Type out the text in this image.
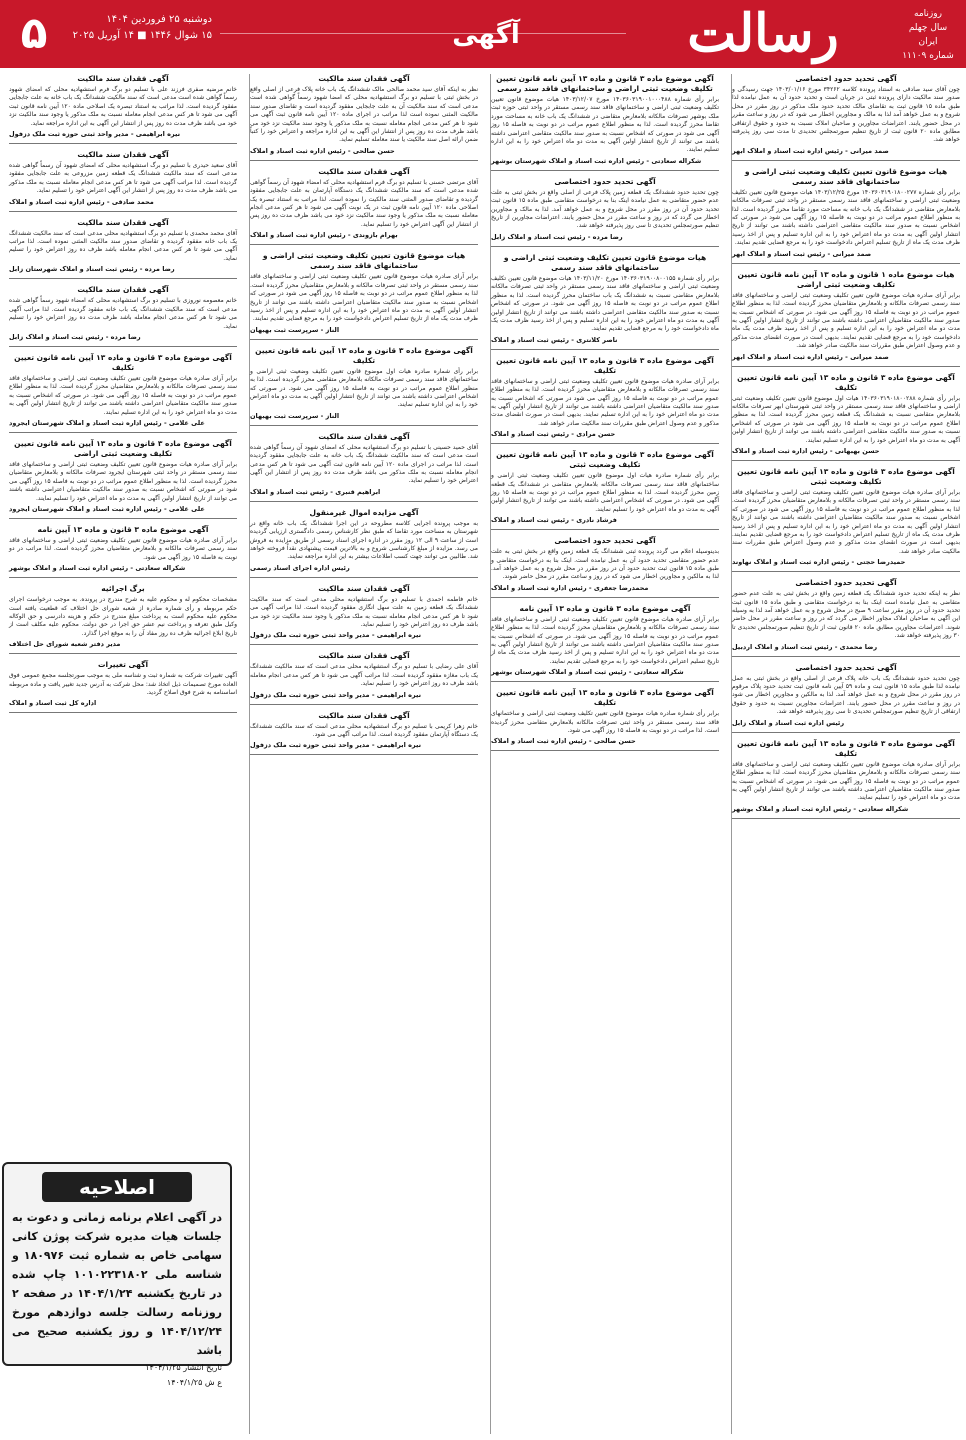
روزنامه
سال چهلم
ایران
شماره ۱۱۱۰۹
رسالت
آگهی
دوشنبه ۲۵ فروردین ۱۴۰۴
۱۵ شوال ۱۴۴۶ ■ ۱۴ آوریل ۲۰۲۵
۵
آگهی تحدید حدود اختصاصی
چون آقای سید صادقی به استناد پرونده کلاسه ۳۴۲۶۲ مورخ ۱۴۰۳/۰۱/۱۶ جهت رسیدگی و صدور سند مالکیت دارای پرونده ثبتی در جریان است و تحدید حدود آن به عمل نیامده لذا طبق ماده ۱۵ قانون ثبت به تقاضای مالک تحدید حدود ملک مذکور در روز مقرر در محل شروع و به عمل خواهد آمد لذا به مالک و مجاورین اخطار می شود که در روز و ساعت مقرر در محل حضور یابند. اعتراضات مجاورین و صاحبان املاک نسبت به حدود و حقوق ارتفاقی مطابق ماده ۲۰ قانون ثبت از تاریخ تنظیم صورتمجلس تحدیدی تا مدت سی روز پذیرفته خواهد شد.
صمد میرانی - رئیس اداره ثبت اسناد و املاک ابهر
هیات موضوع قانون تعیین تکلیف وضعیت ثبتی اراضی و ساختمانهای فاقد سند رسمی
برابر رأی شماره ۱۴۰۳۶۰۳۱۹۰۱۸۰۰۲۷۷ مورخ ۱۴۰۳/۱۲/۲۵ هیات موضوع قانون تعیین تکلیف وضعیت ثبتی اراضی و ساختمانهای فاقد سند رسمی مستقر در واحد ثبتی تصرفات مالکانه بلامعارض متقاضی در ششدانگ یک باب خانه به مساحت مورد تقاضا محرز گردیده است. لذا به منظور اطلاع عموم مراتب در دو نوبت به فاصله ۱۵ روز آگهی می شود در صورتی که اشخاص نسبت به صدور سند مالکیت متقاضی اعتراضی داشته باشند می توانند از تاریخ انتشار اولین آگهی به مدت دو ماه اعتراض خود را به این اداره تسلیم و پس از اخذ رسید ظرف مدت یک ماه از تاریخ تسلیم اعتراض دادخواست خود را به مرجع قضایی تقدیم نمایند.
صمد میرانی - رئیس ثبت اسناد و املاک ابهر
هیات موضوع ماده ۱ قانون و ماده ۱۳ آیین نامه قانون تعیین تکلیف وضعیت ثبتی اراضی
برابر آرای صادره هیات موضوع قانون تعیین تکلیف وضعیت ثبتی اراضی و ساختمانهای فاقد سند رسمی تصرفات مالکانه و بلامعارض متقاضیان محرز گردیده است. لذا به منظور اطلاع عموم مراتب در دو نوبت به فاصله ۱۵ روز آگهی می شود. در صورتی که اشخاص نسبت به صدور سند مالکیت متقاضیان اعتراضی داشته باشند می توانند از تاریخ انتشار اولین آگهی به مدت دو ماه اعتراض خود را به این اداره تسلیم و پس از اخذ رسید ظرف مدت یک ماه دادخواست خود را به مرجع قضایی تقدیم نمایند. بدیهی است در صورت انقضای مدت مذکور و عدم وصول اعتراض طبق مقررات سند مالکیت صادر خواهد شد.
صمد میرانی - رئیس اداره ثبت اسناد و املاک ابهر
آگهی موضوع ماده ۳ قانون و ماده ۱۳ آیین نامه قانون تعیین تکلیف
برابر رأی شماره ۱۴۰۳۶۰۳۱۹۰۱۸۰۰۲۸۸ هیات اول موضوع قانون تعیین تکلیف وضعیت ثبتی اراضی و ساختمانهای فاقد سند رسمی مستقر در واحد ثبتی شهرستان ابهر تصرفات مالکانه بلامعارض متقاضی نسبت به ششدانگ یک قطعه زمین محرز گردیده است. لذا به منظور اطلاع عموم مراتب در دو نوبت به فاصله ۱۵ روز آگهی می شود در صورتی که اشخاص نسبت به صدور سند مالکیت متقاضی اعتراضی داشته باشند می توانند از تاریخ انتشار اولین آگهی به مدت دو ماه اعتراض خود را به این اداره تسلیم نمایند.
حسن بهبهانی - رئیس اداره ثبت اسناد و املاک
آگهی موضوع ماده ۳ قانون و ماده ۱۳ آیین نامه قانون تعیین تکلیف وضعیت ثبتی
برابر آرای صادره هیات موضوع قانون تعیین تکلیف وضعیت ثبتی اراضی و ساختمانهای فاقد سند رسمی مستقر در واحد ثبتی تصرفات مالکانه و بلامعارض متقاضیان محرز گردیده است. لذا به منظور اطلاع عموم مراتب در دو نوبت به فاصله ۱۵ روز آگهی می شود در صورتی که اشخاص نسبت به صدور سند مالکیت متقاضیان اعتراضی داشته باشند می توانند از تاریخ انتشار اولین آگهی به مدت دو ماه اعتراض خود را به این اداره تسلیم و پس از اخذ رسید ظرف مدت یک ماه از تاریخ تسلیم اعتراض دادخواست خود را به مرجع قضایی تقدیم نمایند. بدیهی است در صورت انقضای مدت مذکور و عدم وصول اعتراض طبق مقررات سند مالکیت صادر خواهد شد.
حمیدرضا حجتی - رئیس اداره ثبت اسناد و املاک نهاوند
آگهی تحدید حدود اختصاصی
نظر به اینکه تحدید حدود ششدانگ یک قطعه زمین واقع در بخش ثبتی به علت عدم حضور متقاضی به عمل نیامده است اینک بنا به درخواست متقاضی و طبق ماده ۱۵ قانون ثبت تحدید حدود آن در روز مقرر ساعت ۹ صبح در محل شروع و به عمل خواهد آمد لذا به وسیله این آگهی به صاحبان املاک مجاور اخطار می گردد که در روز و ساعت مقرر در محل حاضر شوند. اعتراضات مجاورین مطابق ماده ۲۰ قانون ثبت از تاریخ تنظیم صورتمجلس تحدیدی تا ۳۰ روز پذیرفته خواهد شد.
رضا محمدی - رئیس ثبت اسناد و املاک اردبیل
آگهی تحدید حدود اختصاصی
چون تحدید حدود ششدانگ یک باب خانه پلاک فرعی از اصلی واقع در بخش ثبتی به عمل نیامده لذا طبق ماده ۱۵ قانون ثبت و ماده ۵۹ آیین نامه قانون ثبت تحدید حدود پلاک مرقوم در روز مقرر در محل شروع و به عمل خواهد آمد. لذا به مالکین و مجاورین اخطار می شود در روز و ساعت مقرر در محل حضور یابند. اعتراضات مجاورین نسبت به حدود و حقوق ارتفاقی از تاریخ تنظیم صورتمجلس تحدیدی تا سی روز پذیرفته خواهد شد.
رئیس اداره ثبت اسناد و املاک زابل
آگهی موضوع ماده ۳ قانون و ماده ۱۳ آیین نامه قانون تعیین تکلیف
برابر آرای صادره هیات موضوع قانون تعیین تکلیف وضعیت ثبتی اراضی و ساختمانهای فاقد سند رسمی تصرفات مالکانه و بلامعارض متقاضیان محرز گردیده است. لذا به منظور اطلاع عموم مراتب در دو نوبت به فاصله ۱۵ روز آگهی می شود. در صورتی که اشخاص نسبت به صدور سند مالکیت متقاضیان اعتراضی داشته باشند می توانند از تاریخ انتشار اولین آگهی به مدت دو ماه اعتراض خود را تسلیم نمایند.
شکراله سعادتی - رئیس اداره ثبت اسناد و املاک بوشهر
آگهی موضوع ماده ۳ قانون و ماده ۱۳ آیین نامه قانون تعیین تکلیف وضعیت ثبتی اراضی و ساختمانهای فاقد سند رسمی
برابر رأی شماره ۱۴۰۳۶۰۳۱۹۰۰۱۰۰۰۴۸۸ مورخ ۱۴۰۳/۱۲/۰۷ هیات موضوع قانون تعیین تکلیف وضعیت ثبتی اراضی و ساختمانهای فاقد سند رسمی مستقر در واحد ثبتی حوزه ثبت ملک بوشهر تصرفات مالکانه بلامعارض متقاضی در ششدانگ یک باب خانه به مساحت مورد تقاضا محرز گردیده است. لذا به منظور اطلاع عموم مراتب در دو نوبت به فاصله ۱۵ روز آگهی می شود در صورتی که اشخاص نسبت به صدور سند مالکیت متقاضی اعتراضی داشته باشند می توانند از تاریخ انتشار اولین آگهی به مدت دو ماه اعتراض خود را به این اداره تسلیم نمایند.
شکراله سعادتی - رئیس اداره ثبت اسناد و املاک شهرستان بوشهر
آگهی تحدید حدود اختصاصی
چون تحدید حدود ششدانگ یک قطعه زمین پلاک فرعی از اصلی واقع در بخش ثبتی به علت عدم حضور متقاضی به عمل نیامده اینک بنا به درخواست متقاضی طبق ماده ۱۵ قانون ثبت تحدید حدود آن در روز مقرر در محل شروع و به عمل خواهد آمد. لذا به مالک و مجاورین اخطار می گردد که در روز و ساعت مقرر در محل حضور یابند. اعتراضات مجاورین از تاریخ تنظیم صورتمجلس تحدیدی تا سی روز پذیرفته خواهد شد.
رضا مرده - رئیس ثبت اسناد و املاک زابل
هیات موضوع قانون تعیین تکلیف وضعیت ثبتی اراضی و ساختمانهای فاقد سند رسمی
برابر رأی شماره ۱۴۰۳۶۰۳۱۹۰۰۸۰۰۱۵۵ مورخ ۱۴۰۳/۱۱/۲۰ هیات موضوع قانون تعیین تکلیف وضعیت ثبتی اراضی و ساختمانهای فاقد سند رسمی مستقر در واحد ثبتی تصرفات مالکانه بلامعارض متقاضی نسبت به ششدانگ یک باب ساختمان محرز گردیده است. لذا به منظور اطلاع عموم مراتب در دو نوبت به فاصله ۱۵ روز آگهی می شود. در صورتی که اشخاص نسبت به صدور سند مالکیت متقاضی اعتراضی داشته باشند می توانند از تاریخ انتشار اولین آگهی به مدت دو ماه اعتراض خود را به این اداره تسلیم و پس از اخذ رسید ظرف مدت یک ماه دادخواست خود را به مرجع قضایی تقدیم نمایند.
ناصر کلانتری - رئیس ثبت اسناد و املاک
آگهی موضوع ماده ۳ قانون و ماده ۱۳ آیین نامه قانون تعیین تکلیف
برابر آرای صادره هیات موضوع قانون تعیین تکلیف وضعیت ثبتی اراضی و ساختمانهای فاقد سند رسمی تصرفات مالکانه و بلامعارض متقاضیان محرز گردیده است. لذا به منظور اطلاع عموم مراتب در دو نوبت به فاصله ۱۵ روز آگهی می شود در صورتی که اشخاص نسبت به صدور سند مالکیت متقاضیان اعتراضی داشته باشند می توانند از تاریخ انتشار اولین آگهی به مدت دو ماه اعتراض خود را به این اداره تسلیم نمایند. بدیهی است در صورت انقضای مدت مذکور و عدم وصول اعتراض طبق مقررات سند مالکیت صادر خواهد شد.
حسن مرادی - رئیس ثبت اسناد و املاک
آگهی موضوع ماده ۳ قانون و ماده ۱۳ آیین نامه قانون تعیین تکلیف وضعیت ثبتی
برابر رأی شماره صادره هیات اول موضوع قانون تعیین تکلیف وضعیت ثبتی اراضی و ساختمانهای فاقد سند رسمی تصرفات مالکانه بلامعارض متقاضی در ششدانگ یک قطعه زمین محرز گردیده است. لذا به منظور اطلاع عموم مراتب در دو نوبت به فاصله ۱۵ روز آگهی می شود. در صورتی که اشخاص اعتراضی داشته باشند می توانند از تاریخ انتشار اولین آگهی به مدت دو ماه اعتراض خود را تسلیم نمایند.
فرشاد نادری - رئیس ثبت اسناد و املاک
آگهی تحدید حدود اختصاصی
بدینوسیله اعلام می گردد پرونده ثبتی ششدانگ یک قطعه زمین واقع در بخش ثبتی به علت عدم حضور متقاضی تحدید حدود آن به عمل نیامده است. اینک بنا به درخواست متقاضی و طبق ماده ۱۵ قانون ثبت تحدید حدود آن در روز مقرر در محل شروع و به عمل خواهد آمد. لذا به مالکین و مجاورین اخطار می شود که در روز و ساعت مقرر در محل حاضر شوند.
محمدرضا جعفری - رئیس اداره ثبت اسناد و املاک
آگهی موضوع ماده ۳ قانون و ماده ۱۳ آیین نامه
برابر آرای صادره هیات موضوع قانون تعیین تکلیف وضعیت ثبتی اراضی و ساختمانهای فاقد سند رسمی تصرفات مالکانه و بلامعارض متقاضیان محرز گردیده است. لذا به منظور اطلاع عموم مراتب در دو نوبت به فاصله ۱۵ روز آگهی می شود. در صورتی که اشخاص نسبت به صدور سند مالکیت متقاضیان اعتراضی داشته باشند می توانند از تاریخ انتشار اولین آگهی به مدت دو ماه اعتراض خود را به این اداره تسلیم و پس از اخذ رسید ظرف مدت یک ماه از تاریخ تسلیم اعتراض دادخواست خود را به مرجع قضایی تقدیم نمایند.
شکراله سعادتی - رئیس ثبت اسناد و املاک شهرستان بوشهر
آگهی موضوع ماده ۳ قانون و ماده ۱۳ آیین نامه قانون تعیین تکلیف
برابر رأی شماره صادره هیات موضوع قانون تعیین تکلیف وضعیت ثبتی اراضی و ساختمانهای فاقد سند رسمی مستقر در واحد ثبتی تصرفات مالکانه بلامعارض متقاضی محرز گردیده است. لذا مراتب در دو نوبت به فاصله ۱۵ روز آگهی می شود.
حسن صالحی - رئیس اداره ثبت اسناد و املاک
آگهی فقدان سند مالکیت
نظر به اینکه آقای سید محمد صالحی مالک ششدانگ یک باب خانه پلاک فرعی از اصلی واقع در بخش ثبتی با تسلیم دو برگ استشهادیه محلی که امضا شهود رسماً گواهی شده است مدعی است که سند مالکیت آن به علت جابجایی مفقود گردیده است و تقاضای صدور سند مالکیت المثنی نموده است لذا مراتب در اجرای ماده ۱۲۰ آیین نامه قانون ثبت آگهی می شود تا هر کس مدعی انجام معامله نسبت به ملک مذکور یا وجود سند مالکیت نزد خود می باشد ظرف مدت ده روز پس از انتشار این آگهی به این اداره مراجعه و اعتراض خود را کتباً ضمن ارائه اصل سند مالکیت یا سند معامله تسلیم نماید.
حسن صالحی - رئیس اداره ثبت اسناد و املاک
آگهی فقدان سند مالکیت
آقای مرتضی حسنی با تسلیم دو برگ فرم استشهادیه محلی که امضاء شهود آن رسماً گواهی شده مدعی است که سند مالکیت ششدانگ یک دستگاه آپارتمان به علت جابجایی مفقود گردیده و تقاضای صدور المثنی سند مالکیت را نموده است. لذا مراتب به استناد تبصره یک اصلاحی ماده ۱۲۰ آیین نامه قانون ثبت در یک نوبت آگهی می شود تا هر کس مدعی انجام معامله نسبت به ملک مذکور یا وجود سند مالکیت نزد خود می باشد ظرف مدت ده روز پس از انتشار این آگهی اعتراض خود را تسلیم نماید.
بهرام بازوندی - رئیس اداره ثبت اسناد و املاک
هیات موضوع قانون تعیین تکلیف وضعیت ثبتی اراضی و ساختمانهای فاقد سند رسمی
برابر آرای صادره هیات موضوع قانون تعیین تکلیف وضعیت ثبتی اراضی و ساختمانهای فاقد سند رسمی مستقر در واحد ثبتی تصرفات مالکانه و بلامعارض متقاضیان محرز گردیده است. لذا به منظور اطلاع عموم مراتب در دو نوبت به فاصله ۱۵ روز آگهی می شود در صورتی که اشخاص نسبت به صدور سند مالکیت متقاضیان اعتراضی داشته باشند می توانند از تاریخ انتشار اولین آگهی به مدت دو ماه اعتراض خود را به این اداره تسلیم و پس از اخذ رسید ظرف مدت یک ماه از تاریخ تسلیم اعتراض دادخواست خود را به مرجع قضایی تقدیم نمایند.
الناز - سرپرست ثبت بهبهان
آگهی موضوع ماده ۳ قانون و ماده ۱۳ آیین نامه قانون تعیین تکلیف
برابر رأی شماره صادره هیات اول موضوع قانون تعیین تکلیف وضعیت ثبتی اراضی و ساختمانهای فاقد سند رسمی تصرفات مالکانه بلامعارض متقاضی محرز گردیده است. لذا به منظور اطلاع عموم مراتب در دو نوبت به فاصله ۱۵ روز آگهی می شود. در صورتی که اشخاص اعتراضی داشته باشند می توانند از تاریخ انتشار اولین آگهی به مدت دو ماه اعتراض خود را به این اداره تسلیم نمایند.
الناز - سرپرست ثبت بهبهان
آگهی فقدان سند مالکیت
آقای حمید حسینی با تسلیم دو برگ استشهادیه محلی که امضای شهود آن رسماً گواهی شده است مدعی است که سند مالکیت ششدانگ یک باب خانه به علت جابجایی مفقود گردیده است. لذا مراتب در اجرای ماده ۱۲۰ آیین نامه قانون ثبت آگهی می شود تا هر کس مدعی انجام معامله نسبت به ملک مذکور می باشد ظرف مدت ده روز پس از انتشار این آگهی اعتراض خود را تسلیم نماید.
ابراهیم قنبری - رئیس ثبت اسناد و املاک
آگهی مزایده اموال غیرمنقول
به موجب پرونده اجرایی کلاسه مطروحه در این اجرا ششدانگ یک باب خانه واقع در شهرستان به مساحت مورد تقاضا که طبق نظر کارشناس رسمی دادگستری ارزیابی گردیده است از ساعت ۹ الی ۱۲ روز مقرر در اداره اجرای اسناد رسمی از طریق مزایده به فروش می رسد. مزایده از مبلغ کارشناسی شروع و به بالاترین قیمت پیشنهادی نقداً فروخته خواهد شد. طالبین می توانند جهت کسب اطلاعات بیشتر به این اداره مراجعه نمایند.
رئیس اداره اجرای اسناد رسمی
آگهی فقدان سند مالکیت
خانم فاطمه احمدی با تسلیم دو برگ استشهادیه محلی مدعی است که سند مالکیت ششدانگ یک قطعه زمین به علت سهل انگاری مفقود گردیده است. لذا مراتب آگهی می شود تا هر کس مدعی انجام معامله نسبت به ملک مذکور یا وجود سند مالکیت نزد خود می باشد ظرف ده روز اعتراض خود را تسلیم نماید.
نیره ابراهیمی - مدیر واحد ثبتی حوزه ثبت ملک دزفول
آگهی فقدان سند مالکیت
آقای علی رضایی با تسلیم دو برگ استشهادیه محلی مدعی است که سند مالکیت ششدانگ یک باب مغازه مفقود گردیده است. لذا مراتب آگهی می شود تا هر کس مدعی انجام معامله باشد ظرف ده روز اعتراض خود را تسلیم نماید.
نیره ابراهیمی - مدیر واحد ثبتی حوزه ثبت ملک دزفول
آگهی فقدان سند مالکیت
خانم زهرا کریمی با تسلیم دو برگ استشهادیه محلی مدعی است که سند مالکیت ششدانگ یک دستگاه آپارتمان مفقود گردیده است. لذا مراتب آگهی می شود.
نیره ابراهیمی - مدیر واحد ثبتی حوزه ثبت ملک دزفول
آگهی فقدان سند مالکیت
خانم مرضیه صفری فرزند علی با تسلیم دو برگ فرم استشهادیه محلی که امضای شهود رسماً گواهی شده است مدعی است که سند مالکیت ششدانگ یک باب خانه به علت جابجایی مفقود گردیده است. لذا مراتب به استناد تبصره یک اصلاحی ماده ۱۲۰ آیین نامه قانون ثبت آگهی می شود تا هر کس مدعی انجام معامله نسبت به ملک مذکور یا وجود سند مالکیت نزد خود می باشد ظرف مدت ده روز پس از انتشار این آگهی به این اداره مراجعه نماید.
نیره ابراهیمی - مدیر واحد ثبتی حوزه ثبت ملک دزفول
آگهی فقدان سند مالکیت
آقای سعید حیدری با تسلیم دو برگ استشهادیه محلی که امضای شهود آن رسماً گواهی شده مدعی است که سند مالکیت ششدانگ یک قطعه زمین مزروعی به علت جابجایی مفقود گردیده است. لذا مراتب آگهی می شود تا هر کس مدعی انجام معامله نسبت به ملک مذکور می باشد ظرف مدت ده روز پس از انتشار این آگهی اعتراض خود را تسلیم نماید.
محمد صادقی - رئیس اداره ثبت اسناد و املاک
آگهی فقدان سند مالکیت
آقای محمد محمدی با تسلیم دو برگ استشهادیه محلی مدعی است که سند مالکیت ششدانگ یک باب خانه مفقود گردیده و تقاضای صدور سند مالکیت المثنی نموده است. لذا مراتب آگهی می شود تا هر کس مدعی انجام معامله باشد ظرف ده روز اعتراض خود را تسلیم نماید.
رضا مرده - رئیس ثبت اسناد و املاک شهرستان زابل
آگهی فقدان سند مالکیت
خانم معصومه نوروزی با تسلیم دو برگ استشهادیه محلی که امضاء شهود رسماً گواهی شده مدعی است که سند مالکیت ششدانگ یک باب خانه مفقود گردیده است. لذا مراتب آگهی می شود تا هر کس مدعی انجام معامله باشد ظرف مدت ده روز اعتراض خود را تسلیم نماید.
رضا مرده - رئیس ثبت اسناد و املاک زابل
آگهی موضوع ماده ۳ قانون و ماده ۱۳ آیین نامه قانون تعیین تکلیف
برابر آرای صادره هیات موضوع قانون تعیین تکلیف وضعیت ثبتی اراضی و ساختمانهای فاقد سند رسمی تصرفات مالکانه و بلامعارض متقاضیان محرز گردیده است. لذا به منظور اطلاع عموم مراتب در دو نوبت به فاصله ۱۵ روز آگهی می شود. در صورتی که اشخاص نسبت به صدور سند مالکیت متقاضیان اعتراضی داشته باشند می توانند از تاریخ انتشار اولین آگهی به مدت دو ماه اعتراض خود را به این اداره تسلیم نمایند.
علی غلامی - رئیس اداره ثبت اسناد و املاک شهرستان ایجرود
آگهی موضوع ماده ۳ قانون و ماده ۱۳ آیین نامه قانون تعیین تکلیف وضعیت ثبتی اراضی
برابر آرای صادره هیات موضوع قانون تعیین تکلیف وضعیت ثبتی اراضی و ساختمانهای فاقد سند رسمی مستقر در واحد ثبتی شهرستان ایجرود تصرفات مالکانه و بلامعارض متقاضیان محرز گردیده است. لذا به منظور اطلاع عموم مراتب در دو نوبت به فاصله ۱۵ روز آگهی می شود در صورتی که اشخاص نسبت به صدور سند مالکیت متقاضیان اعتراضی داشته باشند می توانند از تاریخ انتشار اولین آگهی به مدت دو ماه اعتراض خود را تسلیم نمایند.
علی غلامی - رئیس اداره ثبت اسناد و املاک شهرستان ایجرود
آگهی موضوع ماده ۳ قانون و ماده ۱۳ آیین نامه
برابر آرای صادره هیات موضوع قانون تعیین تکلیف وضعیت ثبتی اراضی و ساختمانهای فاقد سند رسمی تصرفات مالکانه و بلامعارض متقاضیان محرز گردیده است. لذا مراتب در دو نوبت به فاصله ۱۵ روز آگهی می شود.
شکراله سعادتی - رئیس اداره ثبت اسناد و املاک بوشهر
برگ اجرائیه
مشخصات محکوم له و محکوم علیه به شرح مندرج در پرونده. به موجب درخواست اجرای حکم مربوطه و رأی شماره صادره از شعبه شورای حل اختلاف که قطعیت یافته است محکوم علیه محکوم است به پرداخت مبلغ مندرج در حکم و هزینه دادرسی و حق الوکاله وکیل طبق تعرفه و پرداخت نیم عشر حق اجرا در حق دولت. محکوم علیه مکلف است از تاریخ ابلاغ اجرائیه ظرف ده روز مفاد آن را به موقع اجرا گذارد.
مدیر دفتر شعبه شورای حل اختلاف
آگهی تغییرات
آگهی تغییرات شرکت به شماره ثبت و شناسه ملی به موجب صورتجلسه مجمع عمومی فوق العاده مورخ تصمیمات ذیل اتخاذ شد: محل شرکت به آدرس جدید تغییر یافت و ماده مربوطه اساسنامه به شرح فوق اصلاح گردید.
اداره کل ثبت اسناد و املاک
اصلاحیه
در آگهی اعلام برنامه زمانی و دعوت به جلسات هیات مدیره شرکت پوژن کانی سهامی خاص به شماره ثبت ۱۸۰۹۷۶ و شناسه ملی ۱۰۱۰۲۲۳۱۸۰۲ چاپ شده در تاریخ یکشنبه ۱۴۰۴/۱/۲۴ در صفحه ۲ روزنامه رسالت جلسه دوازدهم مورخ ۱۴۰۴/۱۲/۲۴ و روز یکشنبه صحیح می باشد
تاریخ انتشار ۱۴۰۴/۱/۲۵
ع ش ۱۴۰۴/۱/۲۵
